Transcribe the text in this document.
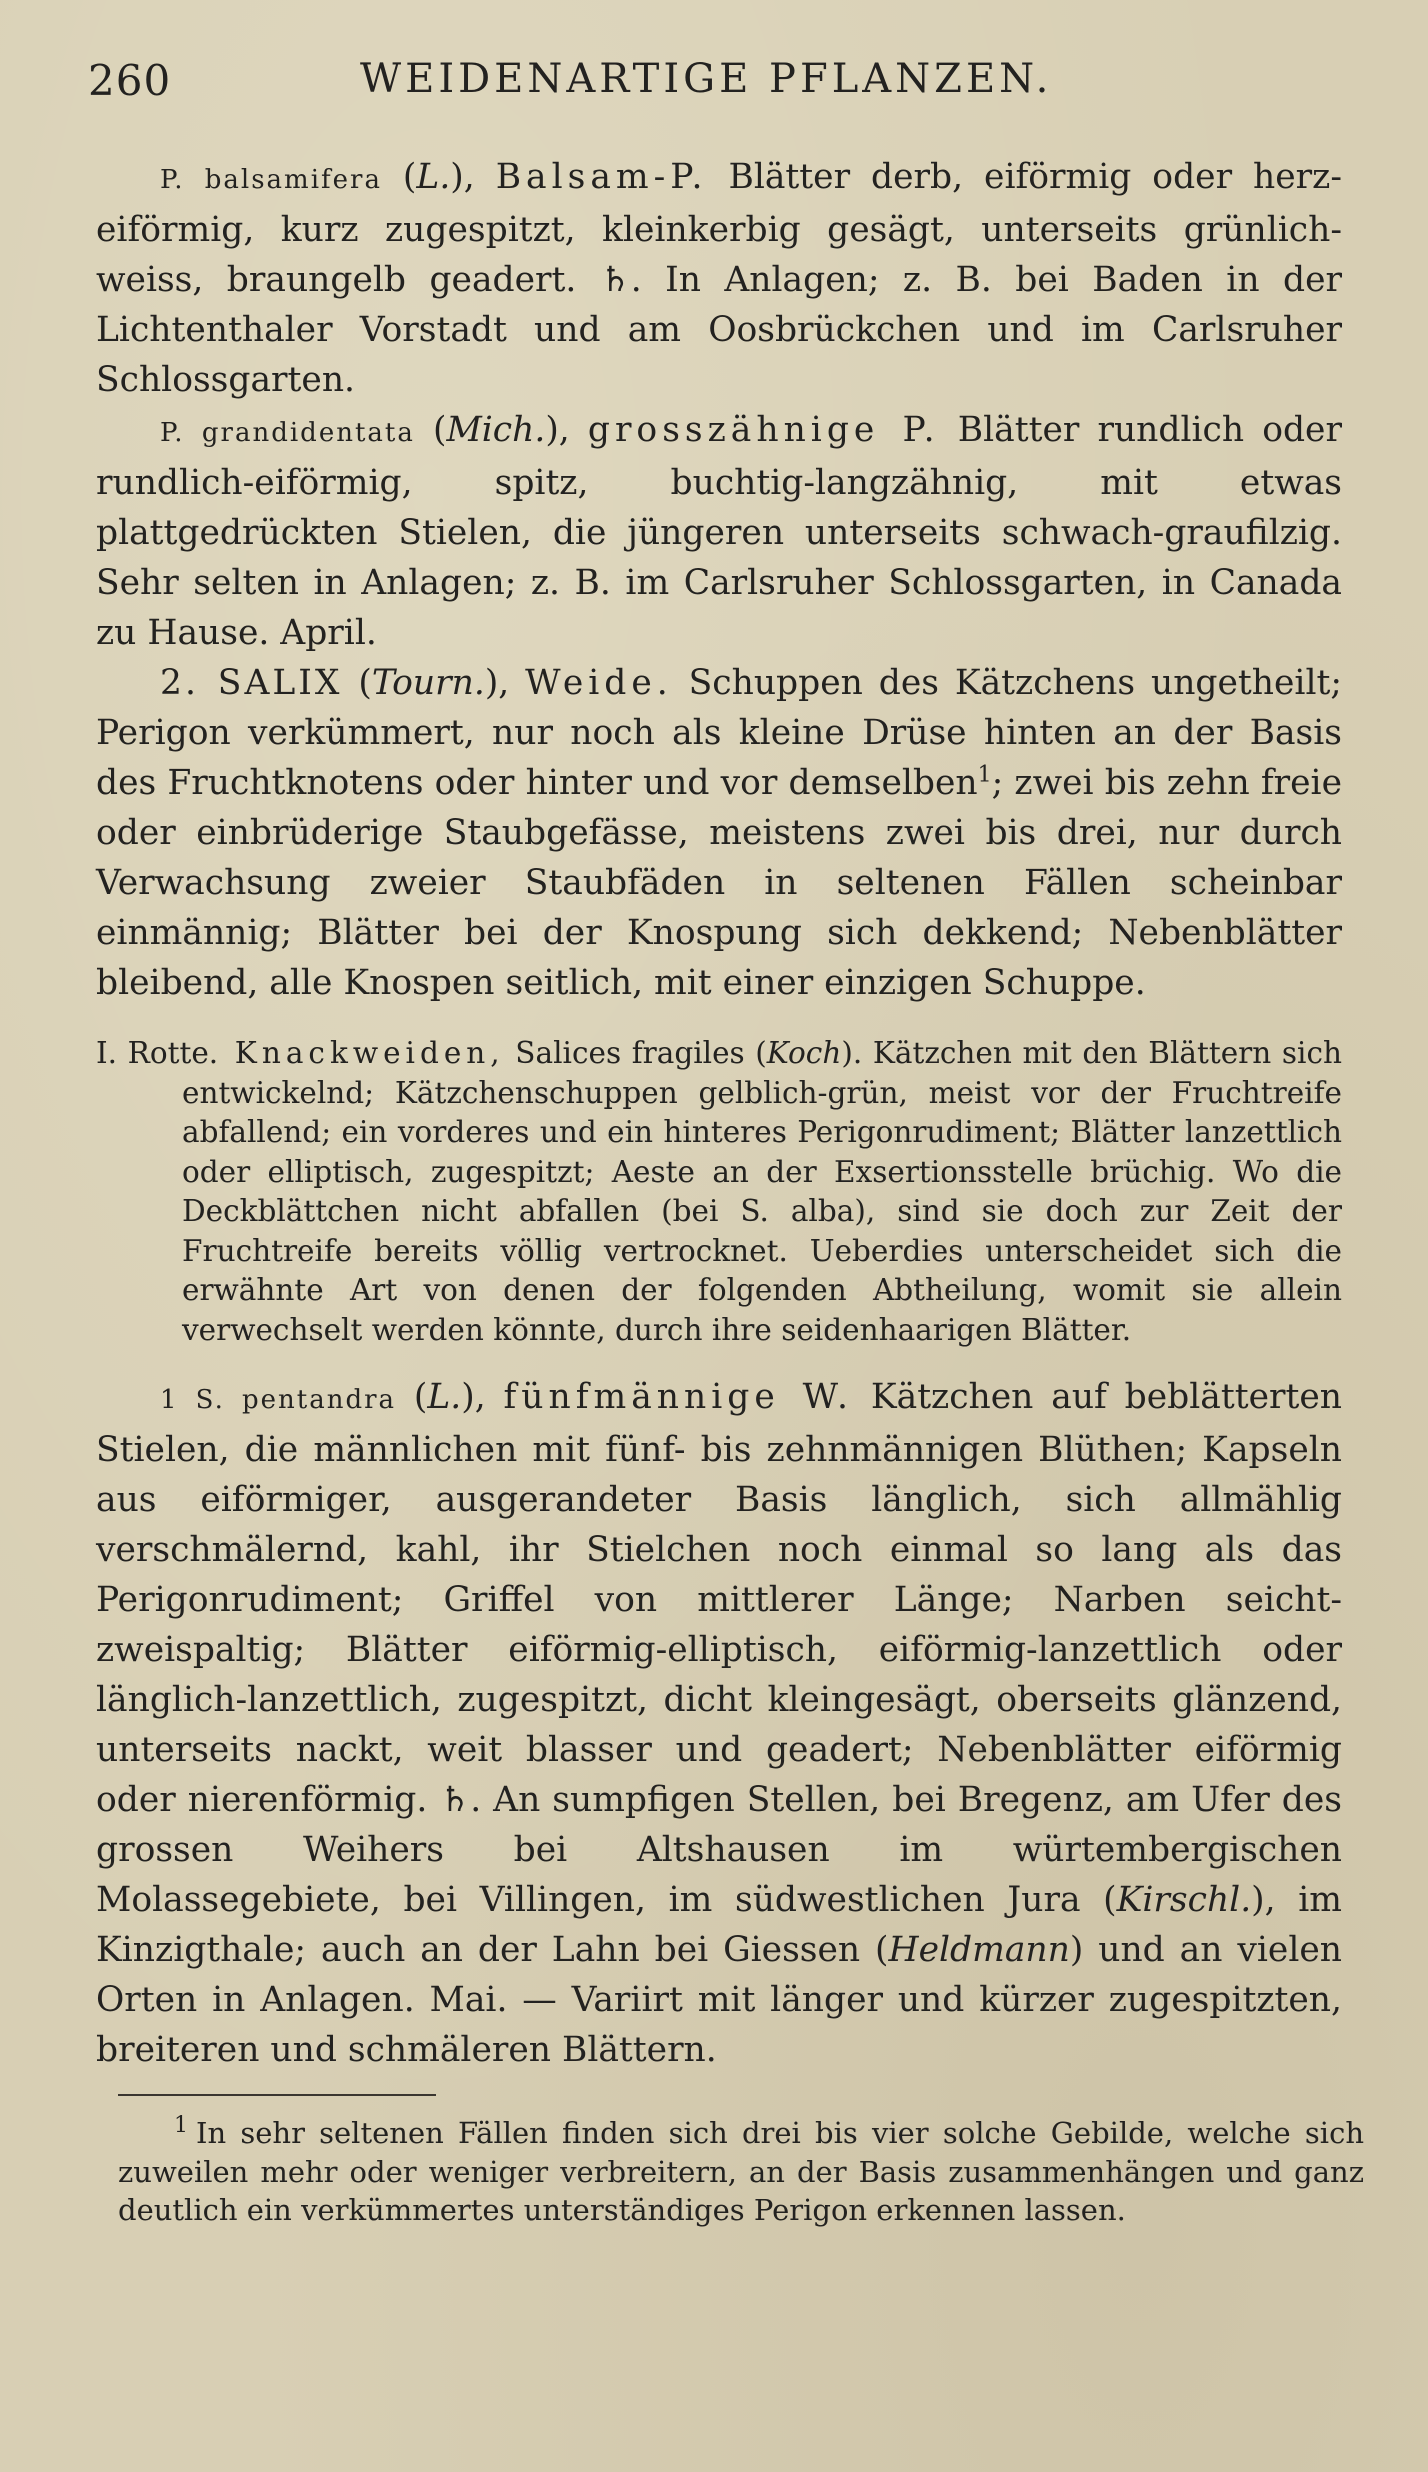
260	WEIDENARTIGE PFLANZEN.

P. balsamifera (L.), Balsam-P. Blätter derb, eiförmig oder herz-eiförmig, kurz zugespitzt, kleinkerbig gesägt, unterseits grünlich-weiss, braungelb geadert. ♄. In Anlagen; z. B. bei Baden in der Lichtenthaler Vorstadt und am Oosbrückchen und im Carlsruher Schlossgarten.

P. grandidentata (Mich.), grosszähnige P. Blätter rundlich oder rundlich-eiförmig, spitz, buchtig-langzähnig, mit etwas plattgedrückten Stielen, die jüngeren unterseits schwach-graufilzig. Sehr selten in Anlagen; z. B. im Carlsruher Schlossgarten, in Canada zu Hause. April.

2. SALIX (Tourn.), Weide. Schuppen des Kätzchens ungetheilt; Perigon verkümmert, nur noch als kleine Drüse hinten an der Basis des Fruchtknotens oder hinter und vor demselben$^1$; zwei bis zehn freie oder einbrüderige Staubgefässe, meistens zwei bis drei, nur durch Verwachsung zweier Staubfäden in seltenen Fällen scheinbar einmännig; Blätter bei der Knospung sich dekkend; Nebenblätter bleibend, alle Knospen seitlich, mit einer einzigen Schuppe.

I. Rotte. Knackweiden, Salices fragiles (Koch). Kätzchen mit den Blättern sich entwickelnd; Kätzchenschuppen gelblich-grün, meist vor der Fruchtreife abfallend; ein vorderes und ein hinteres Perigonrudiment; Blätter lanzettlich oder elliptisch, zugespitzt; Aeste an der Exsertionsstelle brüchig. Wo die Deckblättchen nicht abfallen (bei S. alba), sind sie doch zur Zeit der Fruchtreife bereits völlig vertrocknet. Ueberdies unterscheidet sich die erwähnte Art von denen der folgenden Abtheilung, womit sie allein verwechselt werden könnte, durch ihre seidenhaarigen Blätter.

1 S. pentandra (L.), fünfmännige W. Kätzchen auf beblätterten Stielen, die männlichen mit fünf- bis zehnmännigen Blüthen; Kapseln aus eiförmiger, ausgerandeter Basis länglich, sich allmählig verschmälernd, kahl, ihr Stielchen noch einmal so lang als das Perigonrudiment; Griffel von mittlerer Länge; Narben seicht-zweispaltig; Blätter eiförmig-elliptisch, eiförmig-lanzettlich oder länglich-lanzettlich, zugespitzt, dicht kleingesägt, oberseits glänzend, unterseits nackt, weit blasser und geadert; Nebenblätter eiförmig oder nierenförmig. ♄. An sumpfigen Stellen, bei Bregenz, am Ufer des grossen Weihers bei Altshausen im würtembergischen Molassegebiete, bei Villingen, im südwestlichen Jura (Kirschl.), im Kinzigthale; auch an der Lahn bei Giessen (Heldmann) und an vielen Orten in Anlagen. Mai. — Variirt mit länger und kürzer zugespitzten, breiteren und schmäleren Blättern.

$^1$ In sehr seltenen Fällen finden sich drei bis vier solche Gebilde, welche sich zuweilen mehr oder weniger verbreitern, an der Basis zusammenhängen und ganz deutlich ein verkümmertes unterständiges Perigon erkennen lassen.
